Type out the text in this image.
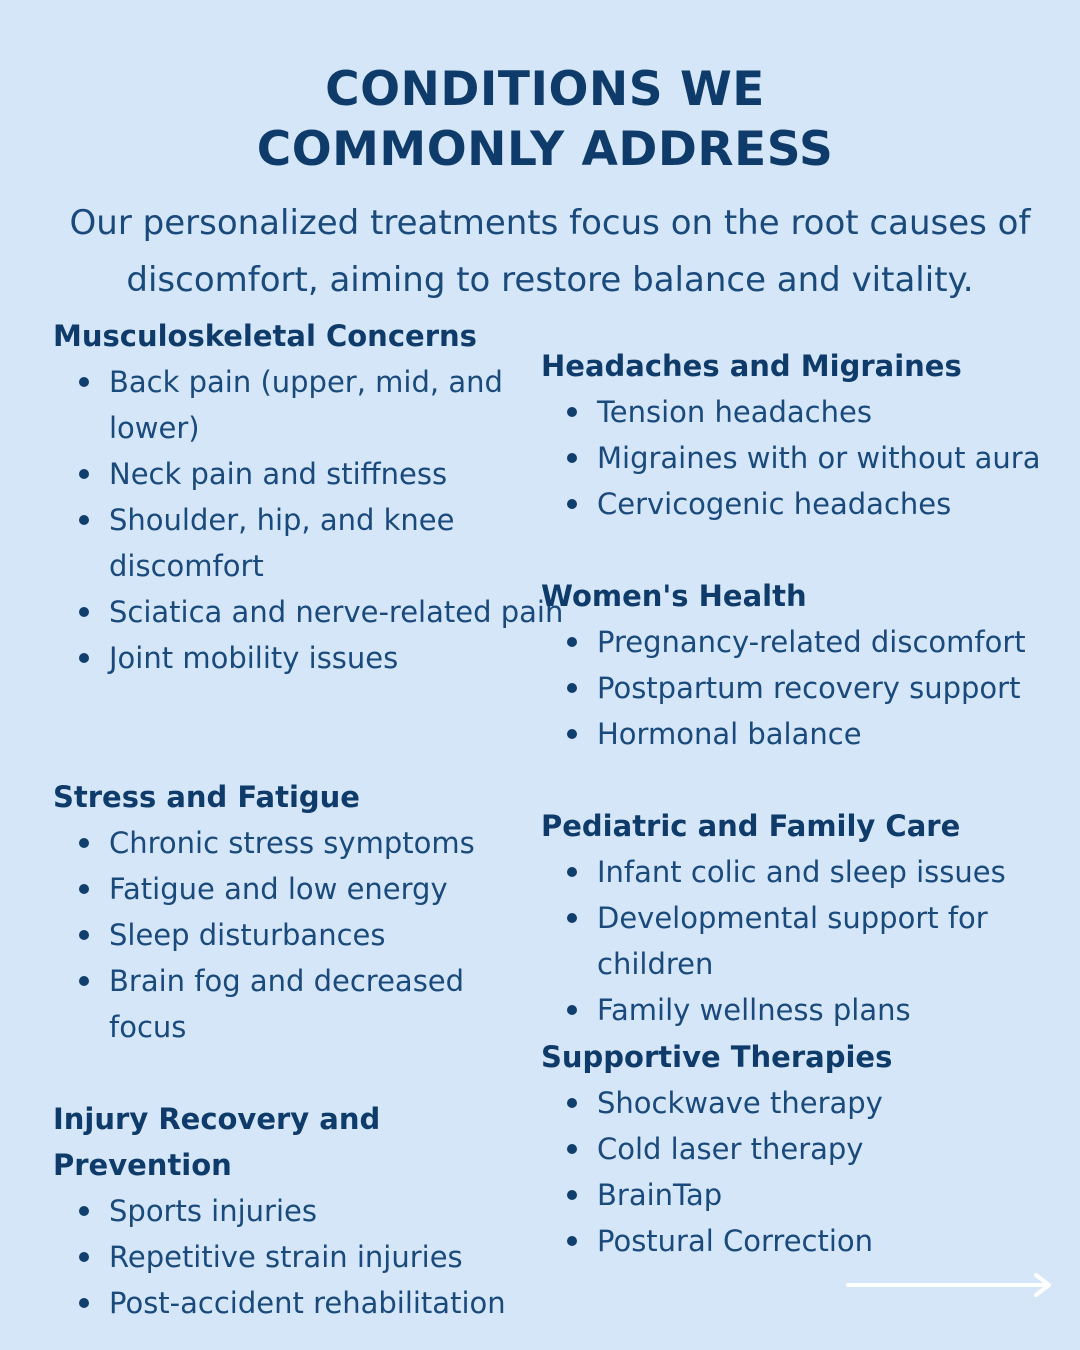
CONDITIONS WE
COMMONLY ADDRESS

Our personalized treatments focus on the root causes of
discomfort, aiming to restore balance and vitality.

Musculoskeletal Concerns
Back pain (upper, mid, and lower)
Neck pain and stiffness
Shoulder, hip, and knee discomfort
Sciatica and nerve-related pain
Joint mobility issues
Stress and Fatigue
Chronic stress symptoms
Fatigue and low energy
Sleep disturbances
Brain fog and decreased focus
Injury Recovery and Prevention
Sports injuries
Repetitive strain injuries
Post-accident rehabilitation
Headaches and Migraines
Tension headaches
Migraines with or without aura
Cervicogenic headaches
Women's Health
Pregnancy-related discomfort
Postpartum recovery support
Hormonal balance
Pediatric and Family Care
Infant colic and sleep issues
Developmental support for children
Family wellness plans
Supportive Therapies
Shockwave therapy
Cold laser therapy
BrainTap
Postural Correction
